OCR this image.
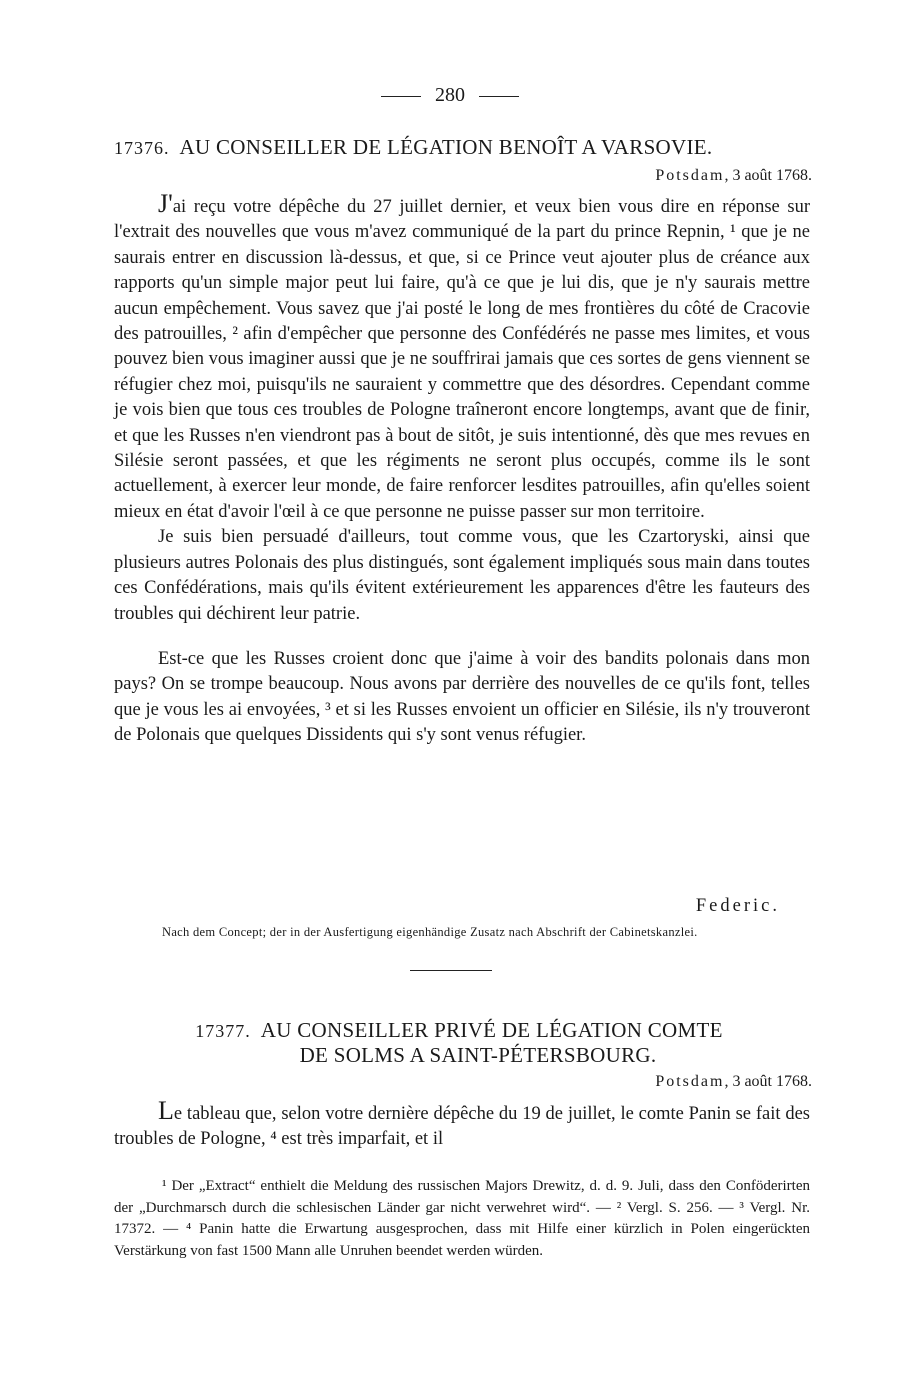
280
17376. AU CONSEILLER DE LÉGATION BENOÎT A VARSOVIE.
Potsdam, 3 août 1768.

J'ai reçu votre dépêche du 27 juillet dernier, et veux bien vous dire en réponse sur l'extrait des nouvelles que vous m'avez communiqué de la part du prince Repnin, ¹ que je ne saurais entrer en discussion là-dessus, et que, si ce Prince veut ajouter plus de créance aux rapports qu'un simple major peut lui faire, qu'à ce que je lui dis, que je n'y saurais mettre aucun empêchement. Vous savez que j'ai posté le long de mes frontières du côté de Cracovie des patrouilles, ² afin d'empêcher que personne des Confédérés ne passe mes limites, et vous pouvez bien vous imaginer aussi que je ne souffrirai jamais que ces sortes de gens viennent se réfugier chez moi, puisqu'ils ne sauraient y commettre que des désordres. Cependant comme je vois bien que tous ces troubles de Pologne traîneront encore longtemps, avant que de finir, et que les Russes n'en viendront pas à bout de sitôt, je suis intentionné, dès que mes revues en Silésie seront passées, et que les régiments ne seront plus occupés, comme ils le sont actuellement, à exercer leur monde, de faire renforcer lesdites patrouilles, afin qu'elles soient mieux en état d'avoir l'œil à ce que personne ne puisse passer sur mon territoire.

Je suis bien persuadé d'ailleurs, tout comme vous, que les Czartoryski, ainsi que plusieurs autres Polonais des plus distingués, sont également impliqués sous main dans toutes ces Confédérations, mais qu'ils évitent extérieurement les apparences d'être les fauteurs des troubles qui déchirent leur patrie.

Est-ce que les Russes croient donc que j'aime à voir des bandits polonais dans mon pays? On se trompe beaucoup. Nous avons par derrière des nouvelles de ce qu'ils font, telles que je vous les ai envoyées, ³ et si les Russes envoient un officier en Silésie, ils n'y trouveront de Polonais que quelques Dissidents qui s'y sont venus réfugier.

Federic.
Nach dem Concept; der in der Ausfertigung eigenhändige Zusatz nach Abschrift der Cabinetskanzlei.
17377. AU CONSEILLER PRIVÉ DE LÉGATION COMTE
DE SOLMS A SAINT-PÉTERSBOURG.
Potsdam, 3 août 1768.

Le tableau que, selon votre dernière dépêche du 19 de juillet, le comte Panin se fait des troubles de Pologne, ⁴ est très imparfait, et il

¹ Der „Extract“ enthielt die Meldung des russischen Majors Drewitz, d. d. 9. Juli, dass den Conföderirten der „Durchmarsch durch die schlesischen Länder gar nicht verwehret wird“. — ² Vergl. S. 256. — ³ Vergl. Nr. 17372. — ⁴ Panin hatte die Erwartung ausgesprochen, dass mit Hilfe einer kürzlich in Polen eingerückten Verstärkung von fast 1500 Mann alle Unruhen beendet werden würden.
